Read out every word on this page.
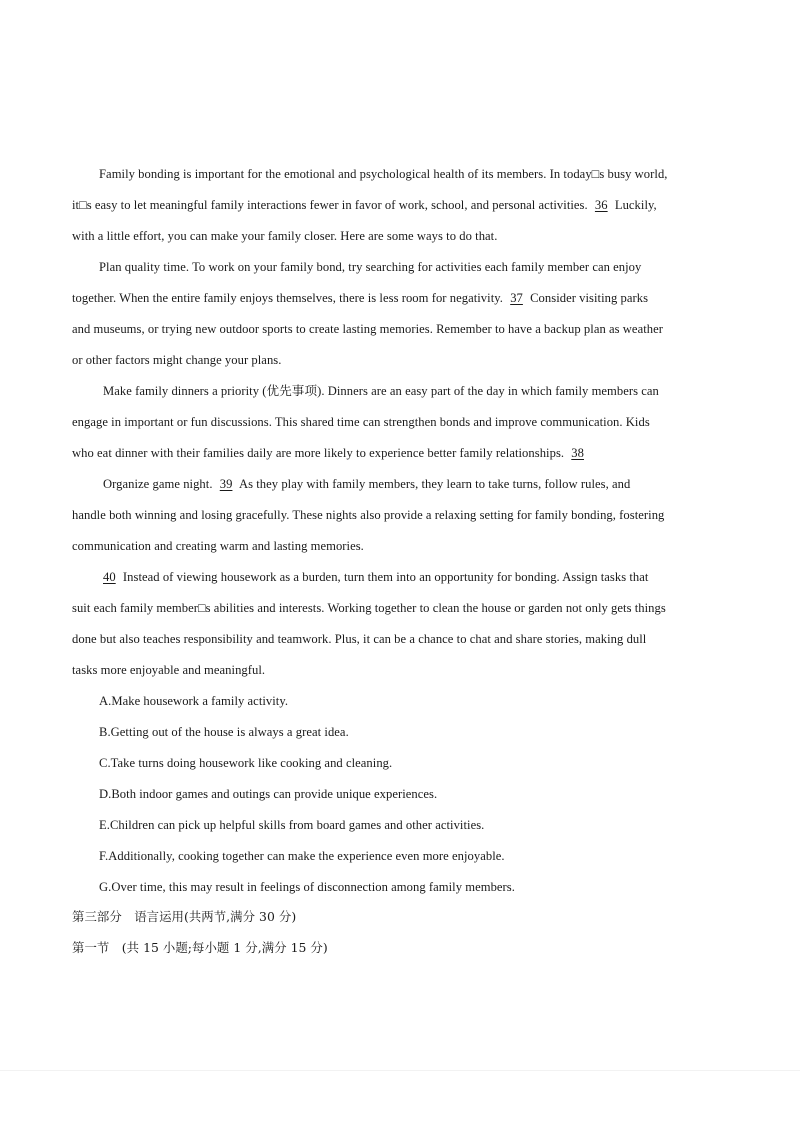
Family bonding is important for the emotional and psychological health of its members. In today□s busy world,
it□s easy to let meaningful family interactions fewer in favor of work, school, and personal activities. 36 Luckily,
with a little effort, you can make your family closer. Here are some ways to do that.
Plan quality time. To work on your family bond, try searching for activities each family member can enjoy
together. When the entire family enjoys themselves, there is less room for negativity. 37 Consider visiting parks
and museums, or trying new outdoor sports to create lasting memories. Remember to have a backup plan as weather
or other factors might change your plans.
Make family dinners a priority (优先事项). Dinners are an easy part of the day in which family members can
engage in important or fun discussions. This shared time can strengthen bonds and improve communication. Kids
who eat dinner with their families daily are more likely to experience better family relationships. 38
Organize game night. 39 As they play with family members, they learn to take turns, follow rules, and
handle both winning and losing gracefully. These nights also provide a relaxing setting for family bonding, fostering
communication and creating warm and lasting memories.
40 Instead of viewing housework as a burden, turn them into an opportunity for bonding. Assign tasks that
suit each family member□s abilities and interests. Working together to clean the house or garden not only gets things
done but also teaches responsibility and teamwork. Plus, it can be a chance to chat and share stories, making dull
tasks more enjoyable and meaningful.
A.Make housework a family activity.
B.Getting out of the house is always a great idea.
C.Take turns doing housework like cooking and cleaning.
D.Both indoor games and outings can provide unique experiences.
E.Children can pick up helpful skills from board games and other activities.
F.Additionally, cooking together can make the experience even more enjoyable.
G.Over time, this may result in feelings of disconnection among family members.
第三部分　语言运用(共两节,满分 30 分)
第一节　(共 15 小题;每小题 1 分,满分 15 分)
